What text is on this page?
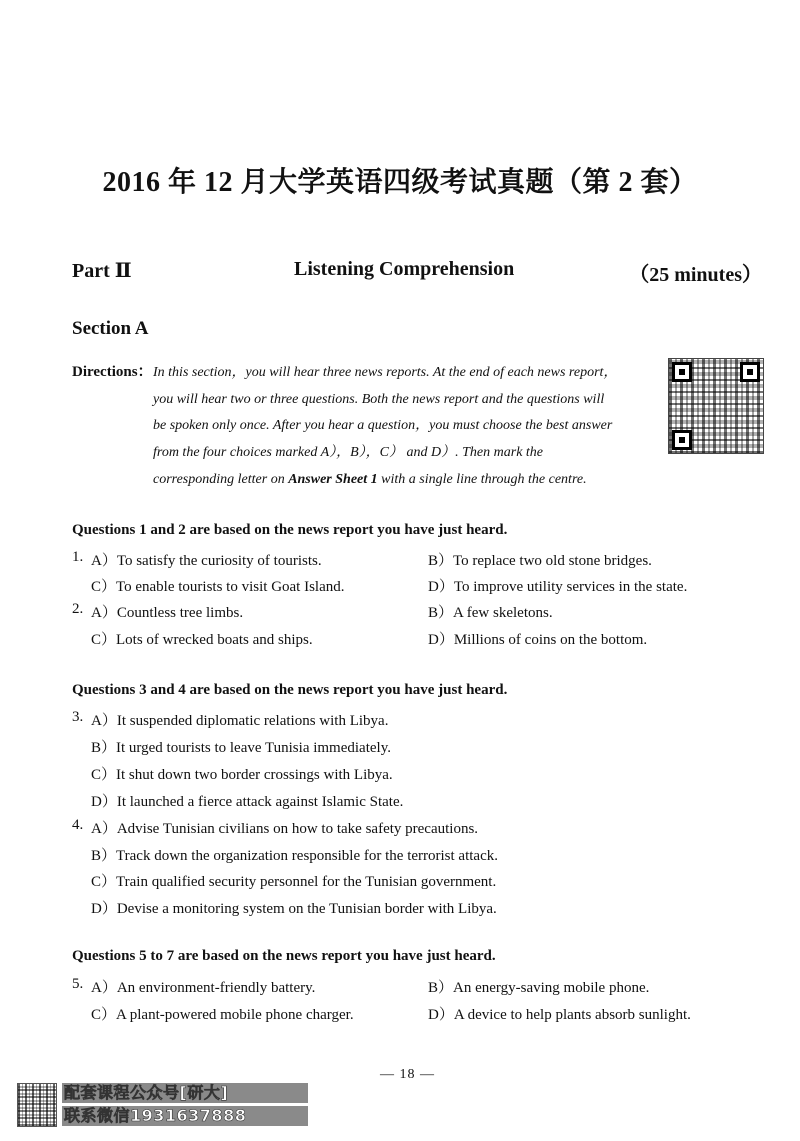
2016 年 12 月大学英语四级考试真题（第 2 套）
Part Ⅱ	Listening Comprehension	（25 minutes）
Section A
Directions： In this section，you will hear three news reports. At the end of each news report，
you will hear two or three questions. Both the news report and the questions will
be spoken only once. After you hear a question，you must choose the best answer
from the four choices marked A），B），C） and D）. Then mark the
corresponding letter on Answer Sheet 1 with a single line through the centre.
Questions 1 and 2 are based on the news report you have just heard.
1. A）To satisfy the curiosity of tourists.	B）To replace two old stone bridges.
C）To enable tourists to visit Goat Island.	D）To improve utility services in the state.
2. A）Countless tree limbs.	B）A few skeletons.
C）Lots of wrecked boats and ships.	D）Millions of coins on the bottom.
Questions 3 and 4 are based on the news report you have just heard.
3. A）It suspended diplomatic relations with Libya.
B）It urged tourists to leave Tunisia immediately.
C）It shut down two border crossings with Libya.
D）It launched a fierce attack against Islamic State.
4. A）Advise Tunisian civilians on how to take safety precautions.
B）Track down the organization responsible for the terrorist attack.
C）Train qualified security personnel for the Tunisian government.
D）Devise a monitoring system on the Tunisian border with Libya.
Questions 5 to 7 are based on the news report you have just heard.
5. A）An environment-friendly battery.	B）An energy-saving mobile phone.
C）A plant-powered mobile phone charger.	D）A device to help plants absorb sunlight.
— 18 —
配套课程公众号[研大]
联系微信1931637888
